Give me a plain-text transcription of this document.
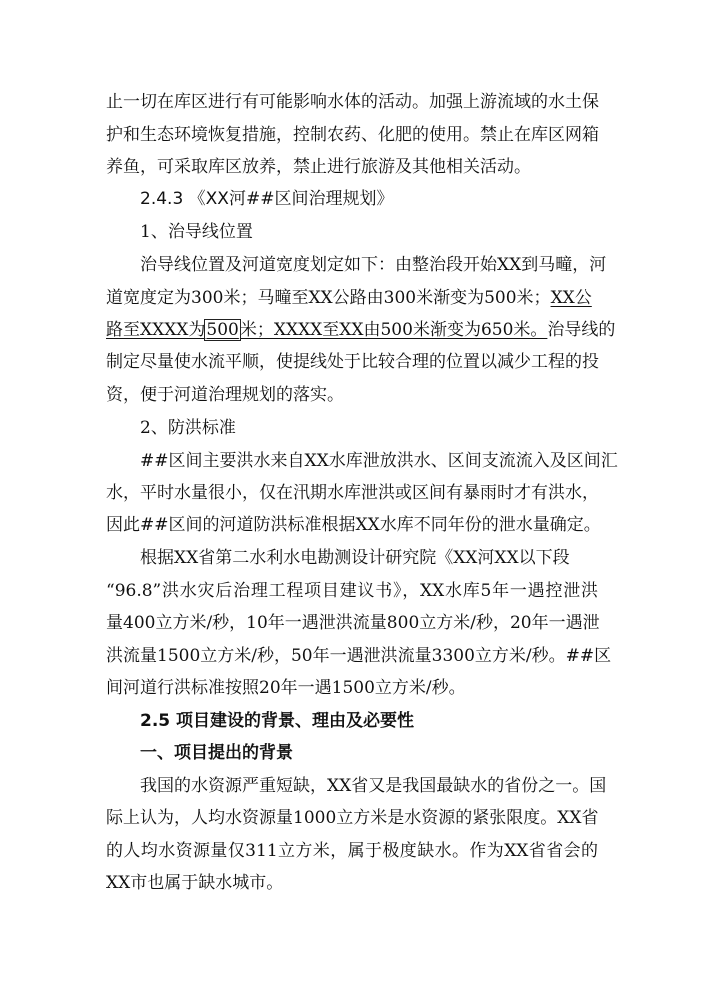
止一切在库区进行有可能影响水体的活动。加强上游流域的水土保
护和生态环境恢复措施，控制农药、化肥的使用。禁止在库区网箱
养鱼，可采取库区放养，禁止进行旅游及其他相关活动。
2.4.3 《XX河##区间治理规划》
1、治导线位置
治导线位置及河道宽度划定如下：由整治段开始XX到马疃，河
道宽度定为300米；马疃至XX公路由300米渐变为500米；XX公
路至XXXX为500米；XXXX至XX由500米渐变为650米。治导线的
制定尽量使水流平顺，使提线处于比较合理的位置以减少工程的投
资，便于河道治理规划的落实。
2、防洪标准
##区间主要洪水来自XX水库泄放洪水、区间支流流入及区间汇
水，平时水量很小，仅在汛期水库泄洪或区间有暴雨时才有洪水，
因此##区间的河道防洪标准根据XX水库不同年份的泄水量确定。
根据XX省第二水利水电勘测设计研究院《XX河XX以下段
“96.8”洪水灾后治理工程项目建议书》，XX水库5年一遇控泄洪
量400立方米/秒，10年一遇泄洪流量800立方米/秒，20年一遇泄
洪流量1500立方米/秒，50年一遇泄洪流量3300立方米/秒。##区
间河道行洪标准按照20年一遇1500立方米/秒。
2.5 项目建设的背景、理由及必要性
一、项目提出的背景
我国的水资源严重短缺，XX省又是我国最缺水的省份之一。国
际上认为，人均水资源量1000立方米是水资源的紧张限度。XX省
的人均水资源量仅311立方米，属于极度缺水。作为XX省省会的
XX市也属于缺水城市。
